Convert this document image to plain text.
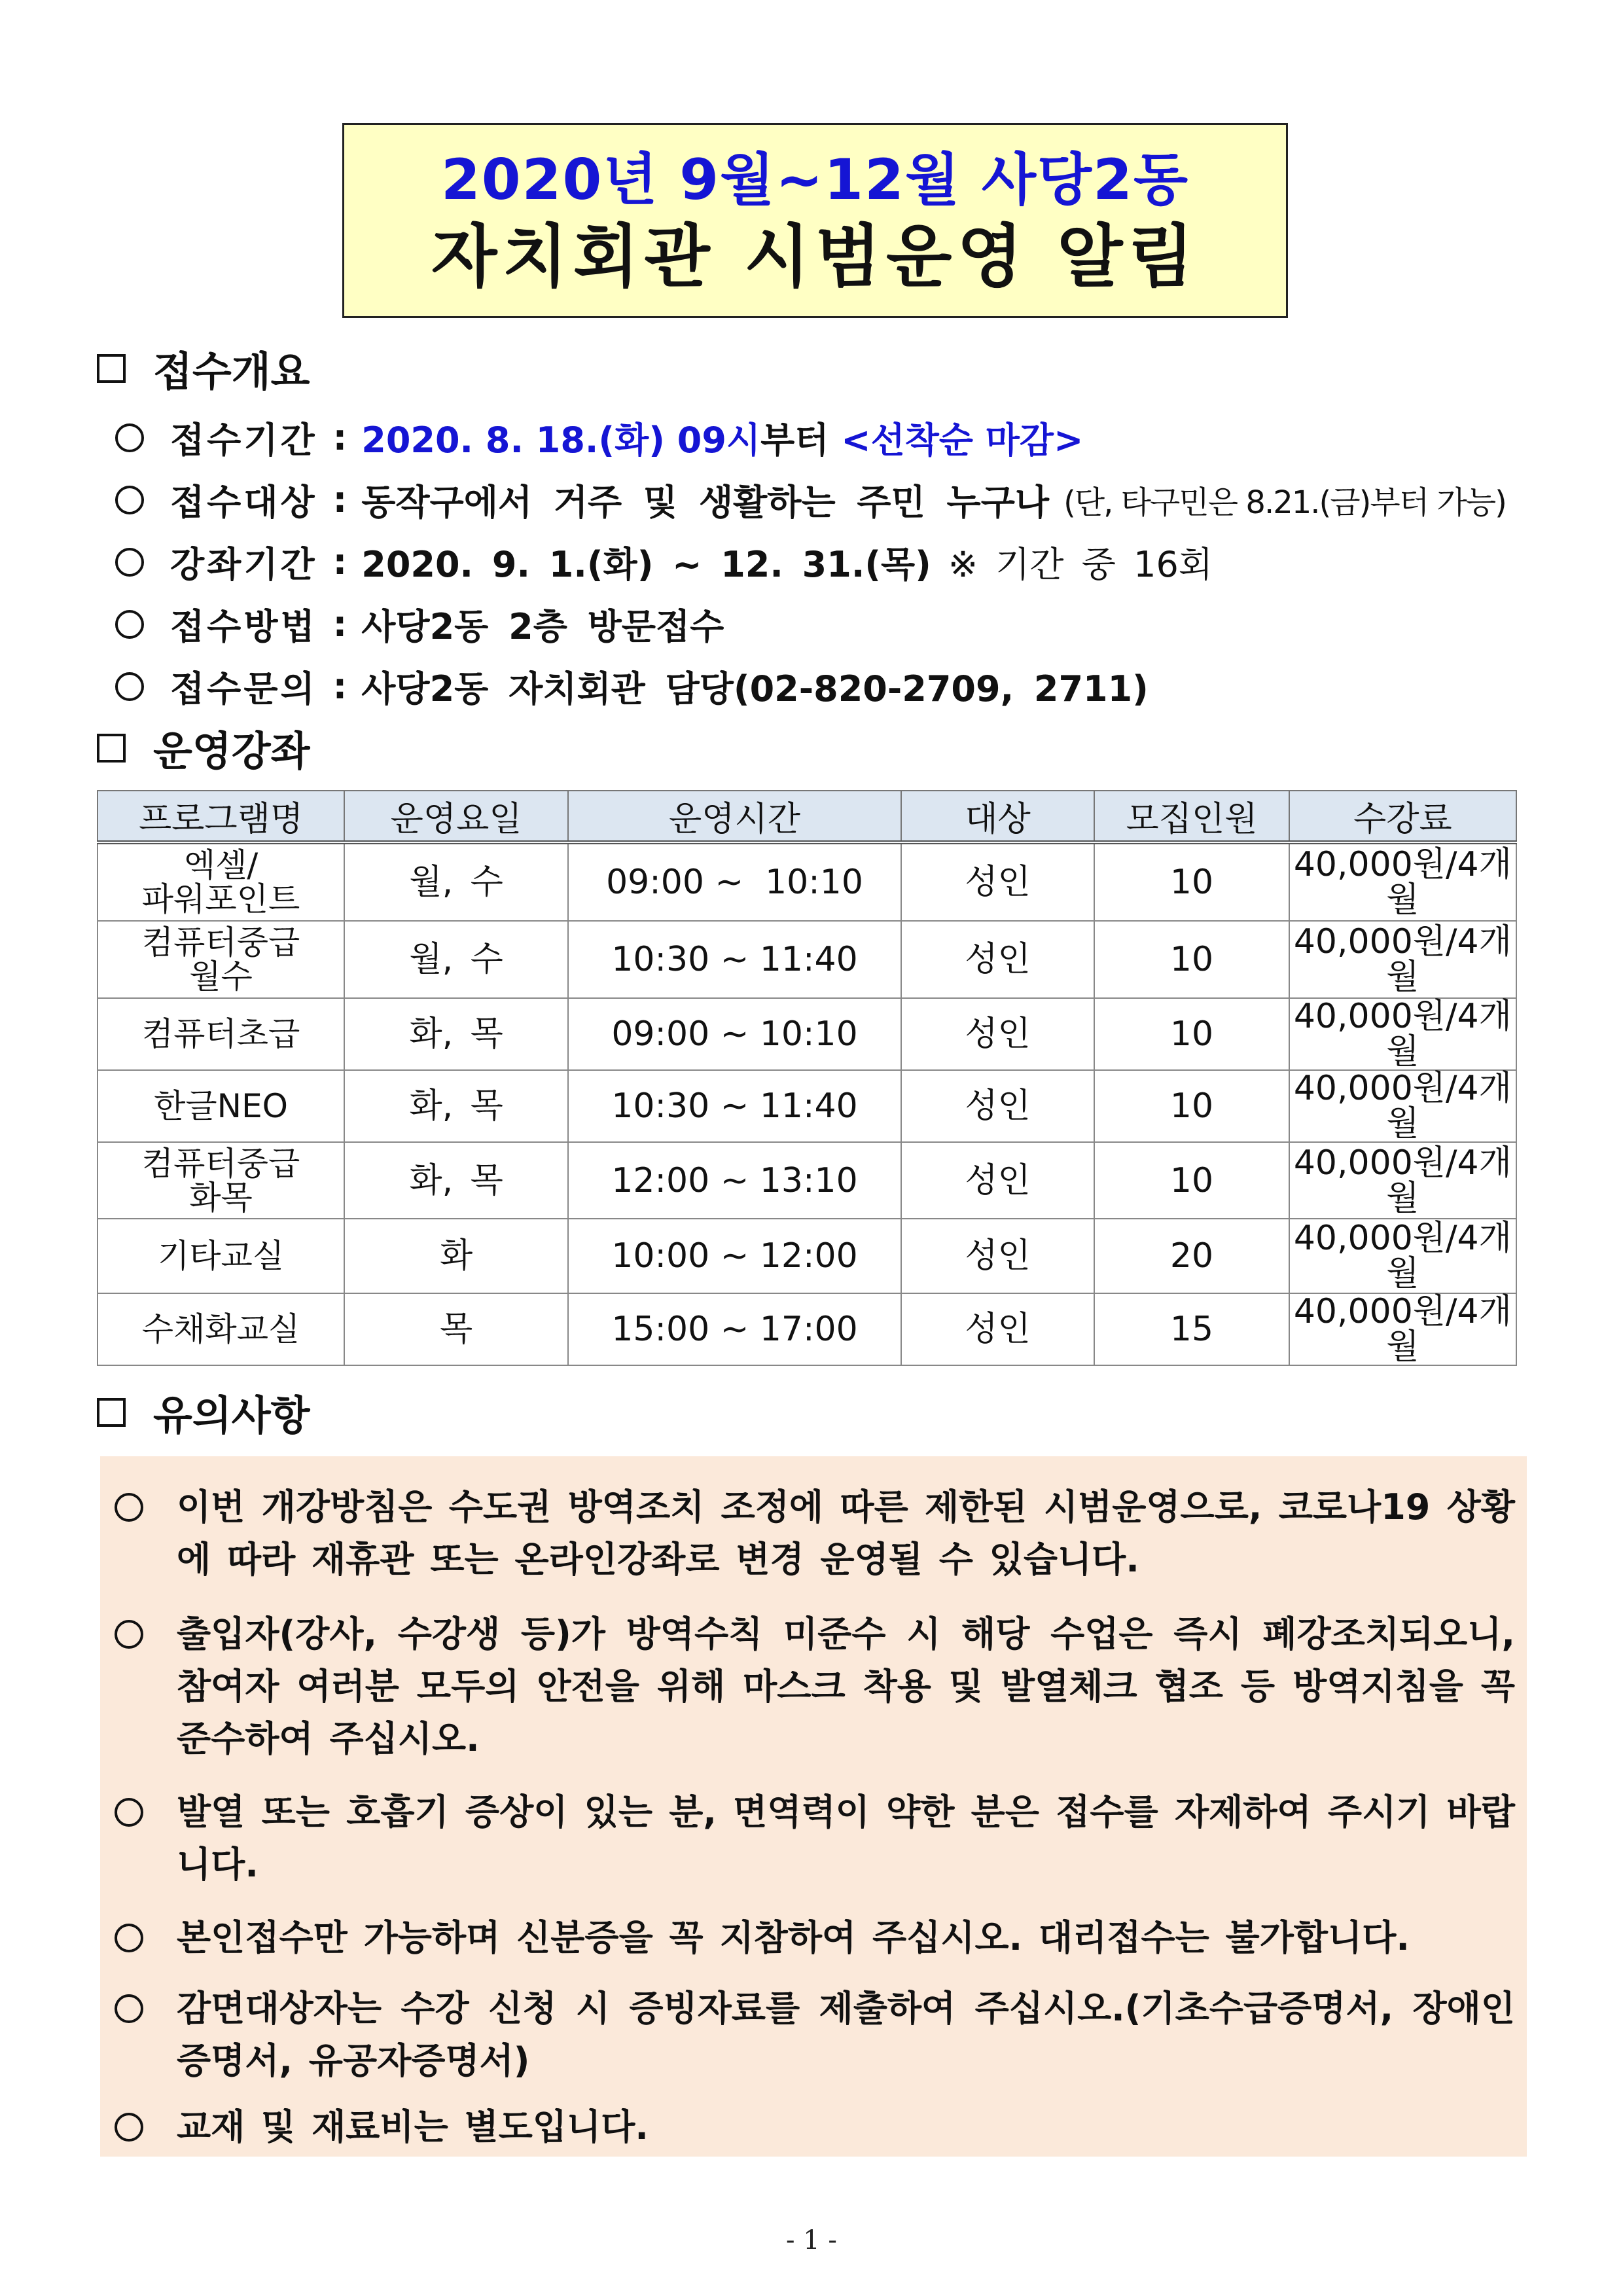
2020년 9월~12월 사당2동
자치회관 시범운영 알림
접수개요
접수기간 : 2020. 8. 18.(화) 09시 부터 <선착순 마감>
접수대상 : 동작구에서 거주 및 생활하는 주민 누구나 (단, 타구민은 8.21.(금)부터 가능)
강좌기간 : 2020. 9. 1.(화) ~ 12. 31.(목) ※ 기간 중 16회
접수방법 : 사당2동 2층 방문접수
접수문의 : 사당2동 자치회관 담당(02-820-2709, 2711)
운영강좌
프로그램명	운영요일	운영시간	대상	모집인원	수강료

엑셀/
파워포인트	월, 수	09:00 ~  10:10	성인	10	40,000원/4개월

컴퓨터중급
월수	월, 수	10:30 ~ 11:40	성인	10	40,000원/4개월
컴퓨터초급	화, 목	09:00 ~ 10:10	성인	10	40,000원/4개월
한글NEO	화, 목	10:30 ~ 11:40	성인	10	40,000원/4개월

컴퓨터중급
화목	화, 목	12:00 ~ 13:10	성인	10	40,000원/4개월
기타교실	화	10:00 ~ 12:00	성인	20	40,000원/4개월
수채화교실	목	15:00 ~ 17:00	성인	15	40,000원/4개월
유의사항
이번 개강방침은 수도권 방역조치 조정에 따른 제한된 시범운영으로, 코로나19 상황에 따라 재휴관 또는 온라인강좌로 변경 운영될 수 있습니다.
출입자(강사, 수강생 등)가 방역수칙 미준수 시 해당 수업은 즉시 폐강조치되오니, 참여자 여러분 모두의 안전을 위해 마스크 착용 및 발열체크 협조 등 방역지침을 꼭 준수하여 주십시오.
발열 또는 호흡기 증상이 있는 분, 면역력이 약한 분은 접수를 자제하여 주시기 바랍니다.
본인접수만 가능하며 신분증을 꼭 지참하여 주십시오. 대리접수는 불가합니다.
감면대상자는 수강 신청 시 증빙자료를 제출하여 주십시오.(기초수급증명서, 장애인증명서, 유공자증명서)
교재 및 재료비는 별도입니다.
- 1 -
